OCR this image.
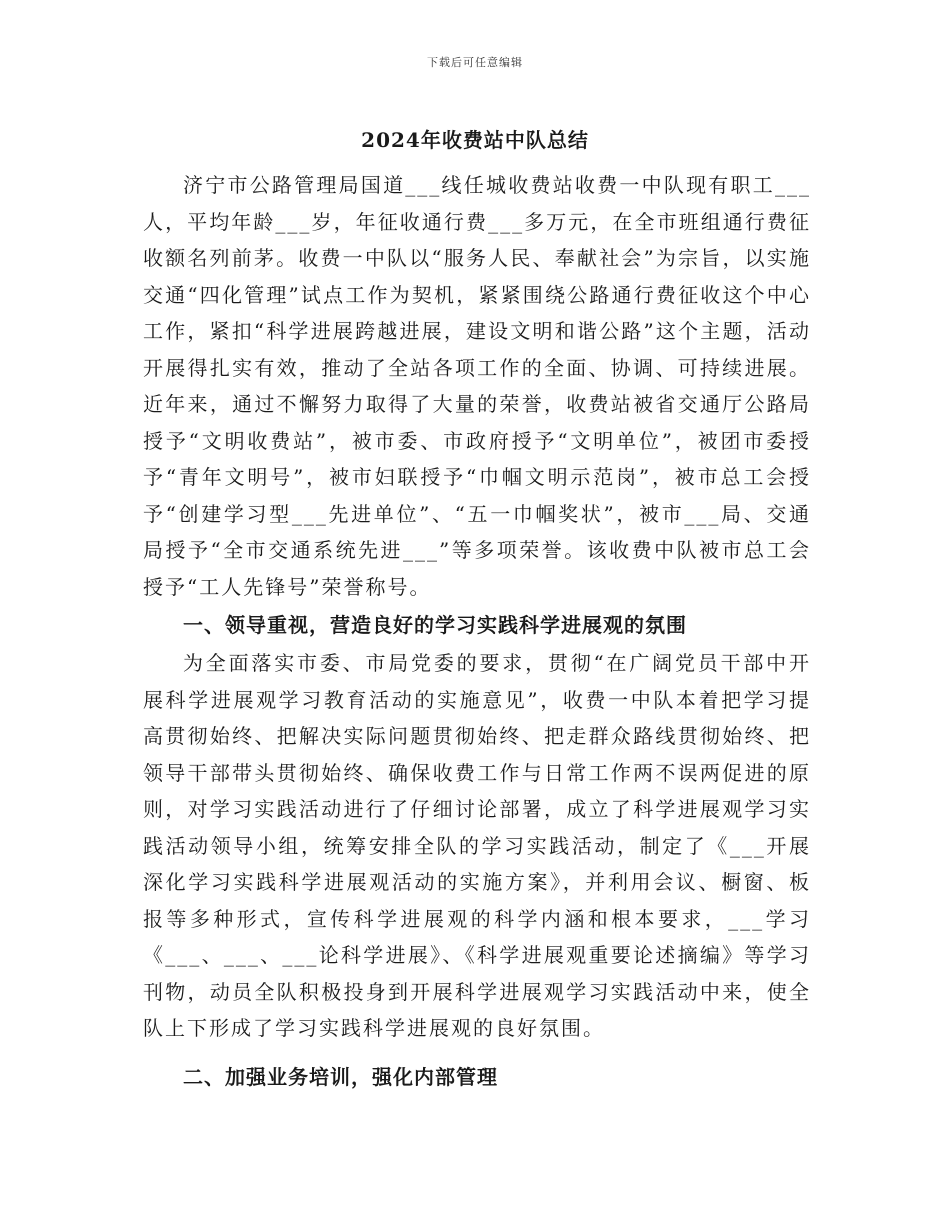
下载后可任意编辑
2024年收费站中队总结

济宁市公路管理局国道___线任城收费站收费一中队现有职工___人，平均年龄___岁，年征收通行费___多万元，在全市班组通行费征收额名列前茅。收费一中队以“服务人民、奉献社会”为宗旨，以实施交通“四化管理”试点工作为契机，紧紧围绕公路通行费征收这个中心工作，紧扣“科学进展跨越进展，建设文明和谐公路”这个主题，活动开展得扎实有效，推动了全站各项工作的全面、协调、可持续进展。近年来，通过不懈努力取得了大量的荣誉，收费站被省交通厅公路局授予“文明收费站”，被市委、市政府授予“文明单位”，被团市委授予“青年文明号”，被市妇联授予“巾帼文明示范岗”，被市总工会授予“创建学习型___先进单位”、“五一巾帼奖状”，被市___局、交通局授予“全市交通系统先进___”等多项荣誉。该收费中队被市总工会授予“工人先锋号”荣誉称号。

一、领导重视，营造良好的学习实践科学进展观的氛围

为全面落实市委、市局党委的要求，贯彻“在广阔党员干部中开展科学进展观学习教育活动的实施意见”，收费一中队本着把学习提高贯彻始终、把解决实际问题贯彻始终、把走群众路线贯彻始终、把领导干部带头贯彻始终、确保收费工作与日常工作两不误两促进的原则，对学习实践活动进行了仔细讨论部署，成立了科学进展观学习实践活动领导小组，统筹安排全队的学习实践活动，制定了《___开展深化学习实践科学进展观活动的实施方案》，并利用会议、橱窗、板报等多种形式，宣传科学进展观的科学内涵和根本要求，___学习《___、___、___论科学进展》、《科学进展观重要论述摘编》等学习刊物，动员全队积极投身到开展科学进展观学习实践活动中来，使全队上下形成了学习实践科学进展观的良好氛围。

二、加强业务培训，强化内部管理
